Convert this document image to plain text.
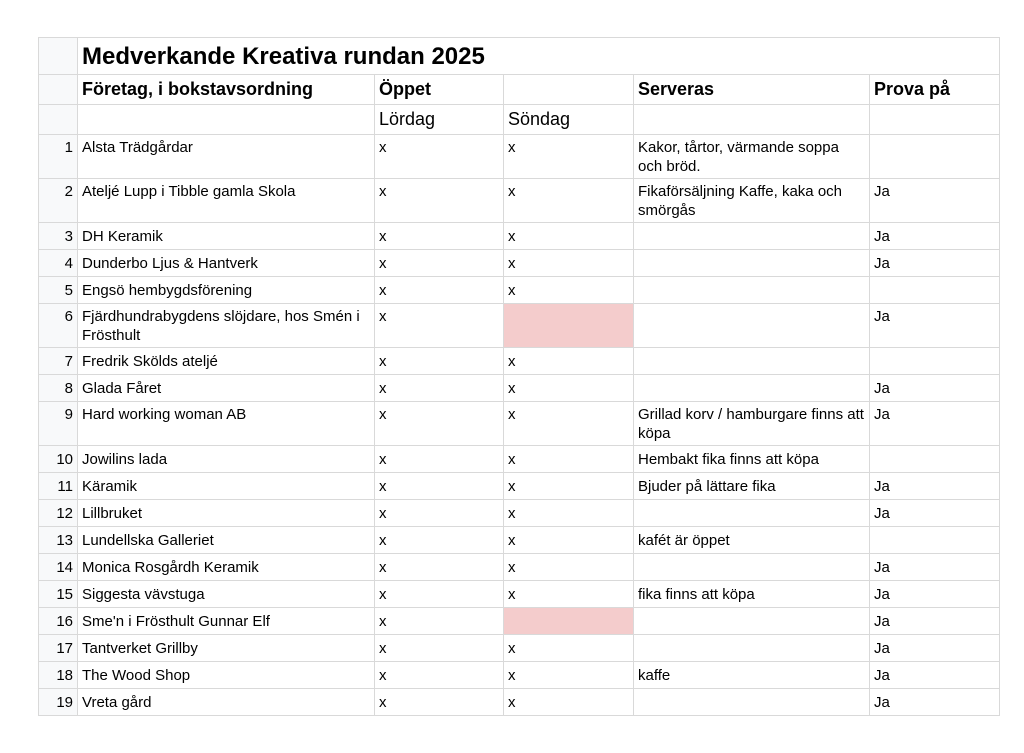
	Medverkande Kreativa rundan 2025				
	Företag, i bokstavsordning	Öppet		Serveras	Prova på
		Lördag	Söndag		
1	Alsta Trädgårdar	x	x	Kakor, tårtor, värmande soppa och bröd.	
2	Ateljé Lupp i Tibble gamla Skola	x	x	Fikaförsäljning Kaffe, kaka och smörgås	Ja
3	DH Keramik	x	x		Ja
4	Dunderbo Ljus & Hantverk	x	x		Ja
5	Engsö hembygdsförening	x	x		
6	Fjärdhundrabygdens slöjdare, hos Smén i Frösthult	x			Ja
7	Fredrik Skölds ateljé	x	x		
8	Glada Fåret	x	x		Ja
9	Hard working woman AB	x	x	Grillad korv / hamburgare finns att köpa	Ja
10	Jowilins lada	x	x	Hembakt fika finns att köpa	
11	Käramik	x	x	Bjuder på lättare fika	Ja
12	Lillbruket	x	x		Ja
13	Lundellska Galleriet	x	x	kafét är öppet	
14	Monica Rosgårdh Keramik	x	x		Ja
15	Siggesta vävstuga	x	x	fika finns att köpa	Ja
16	Sme'n i Frösthult Gunnar Elf	x			Ja
17	Tantverket Grillby	x	x		Ja
18	The Wood Shop	x	x	kaffe	Ja
19	Vreta gård	x	x		Ja
